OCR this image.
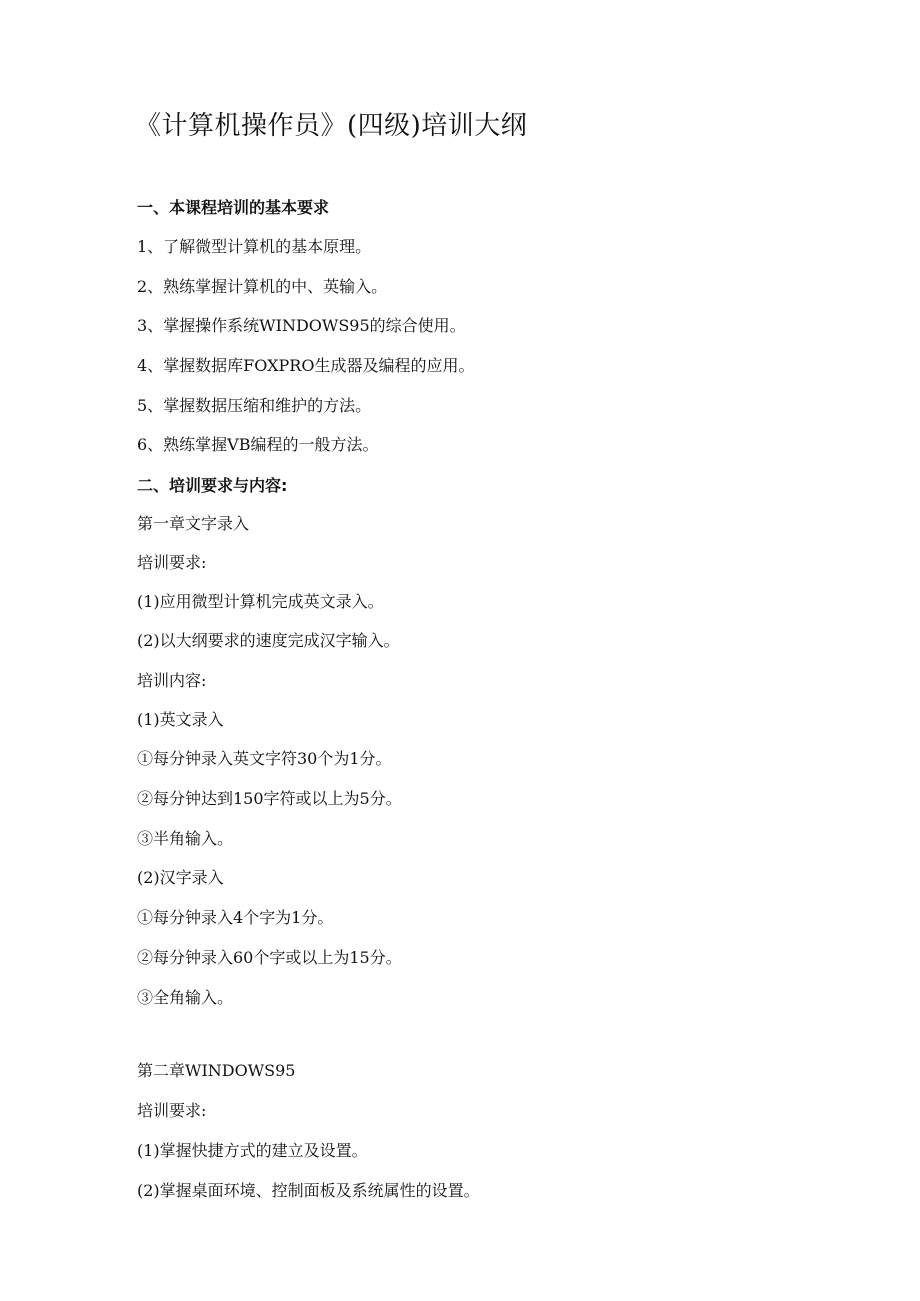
《计算机操作员》(四级)培训大纲
一、本课程培训的基本要求
1、了解微型计算机的基本原理。
2、熟练掌握计算机的中、英输入。
3、掌握操作系统WINDOWS95的综合使用。
4、掌握数据库FOXPRO生成器及编程的应用。
5、掌握数据压缩和维护的方法。
6、熟练掌握VB编程的一般方法。
二、培训要求与内容:
第一章文字录入
培训要求:
(1)应用微型计算机完成英文录入。
(2)以大纲要求的速度完成汉字输入。
培训内容:
(1)英文录入
①每分钟录入英文字符30个为1分。
②每分钟达到150字符或以上为5分。
③半角输入。
(2)汉字录入
①每分钟录入4个字为1分。
②每分钟录入60个字或以上为15分。
③全角输入。
第二章WINDOWS95
培训要求:
(1)掌握快捷方式的建立及设置。
(2)掌握桌面环境、控制面板及系统属性的设置。
